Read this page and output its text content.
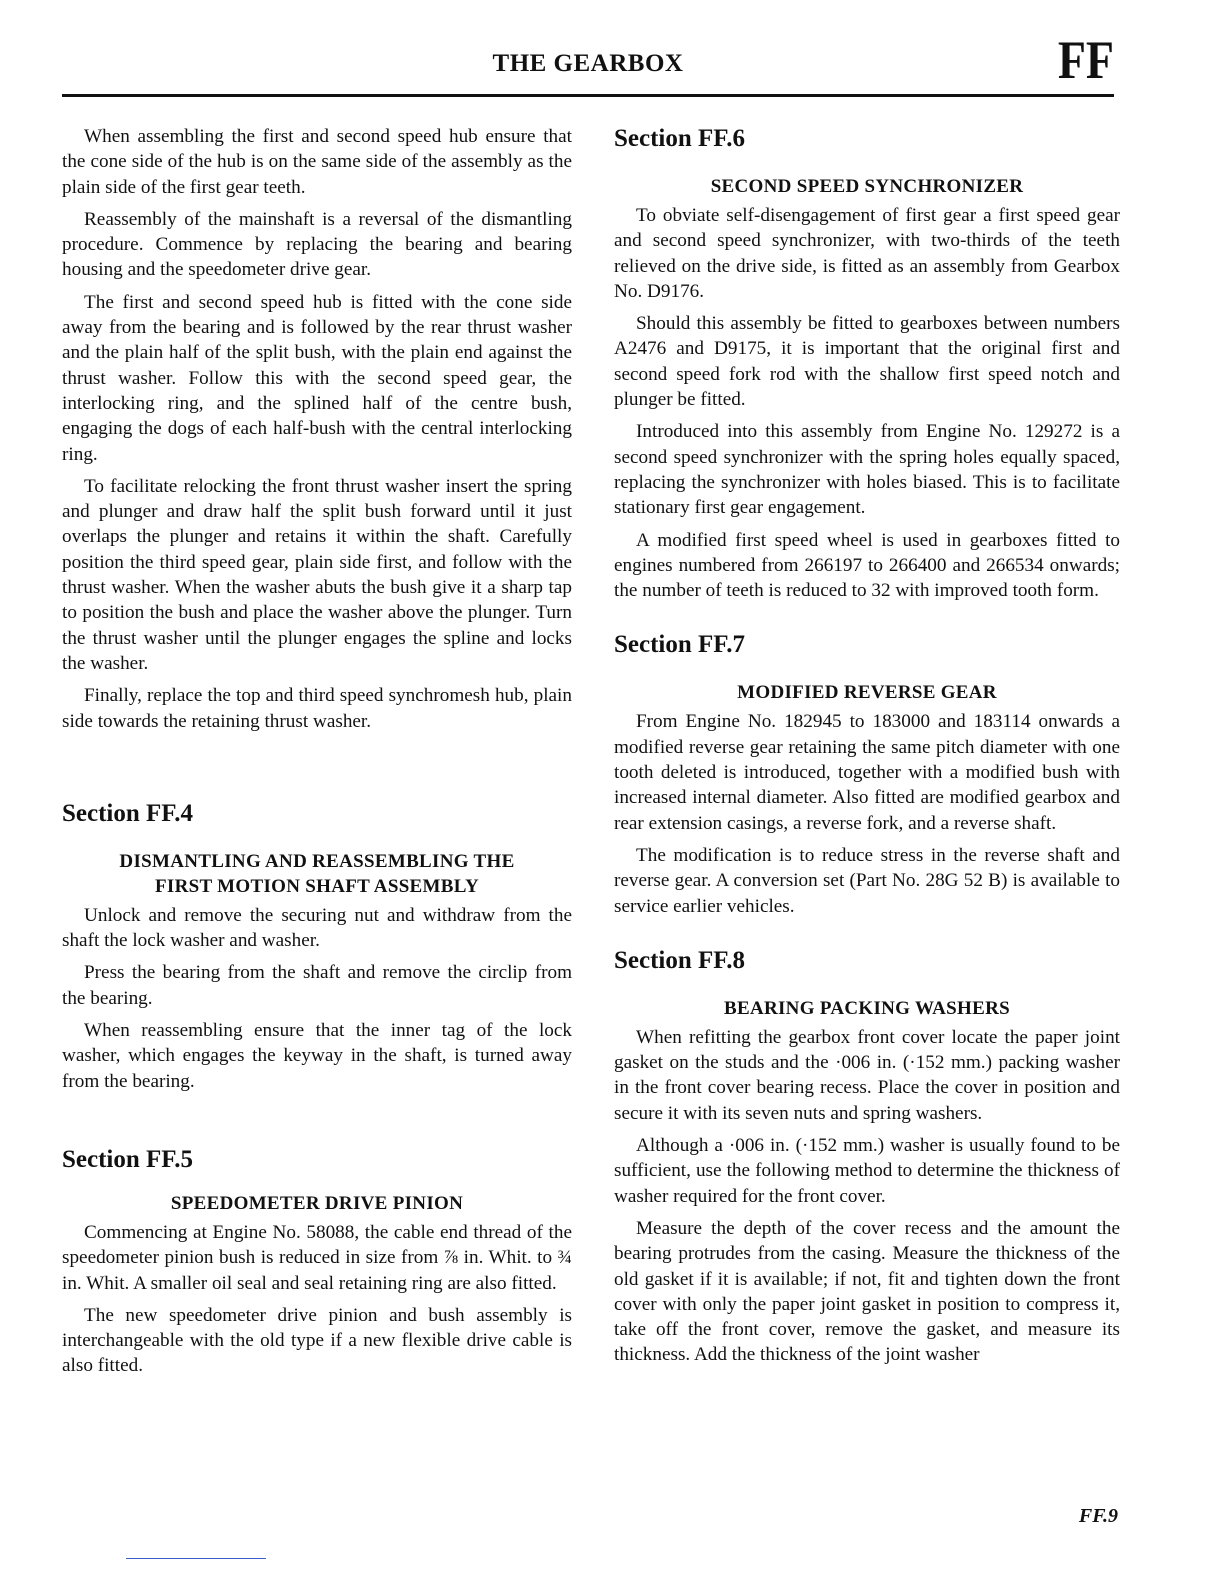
THE GEARBOX	FF

When assembling the first and second speed hub ensure that the cone side of the hub is on the same side of the assembly as the plain side of the first gear teeth.

Reassembly of the mainshaft is a reversal of the dismantling procedure. Commence by replacing the bearing and bearing housing and the speedometer drive gear.

The first and second speed hub is fitted with the cone side away from the bearing and is followed by the rear thrust washer and the plain half of the split bush, with the plain end against the thrust washer. Follow this with the second speed gear, the interlocking ring, and the splined half of the centre bush, engaging the dogs of each half-bush with the central interlocking ring.

To facilitate relocking the front thrust washer insert the spring and plunger and draw half the split bush forward until it just overlaps the plunger and retains it within the shaft. Carefully position the third speed gear, plain side first, and follow with the thrust washer. When the washer abuts the bush give it a sharp tap to position the bush and place the washer above the plunger. Turn the thrust washer until the plunger engages the spline and locks the washer.

Finally, replace the top and third speed synchromesh hub, plain side towards the retaining thrust washer.

Section FF.4
DISMANTLING AND REASSEMBLING THE
FIRST MOTION SHAFT ASSEMBLY

Unlock and remove the securing nut and withdraw from the shaft the lock washer and washer.

Press the bearing from the shaft and remove the circlip from the bearing.

When reassembling ensure that the inner tag of the lock washer, which engages the keyway in the shaft, is turned away from the bearing.

Section FF.5
SPEEDOMETER DRIVE PINION

Commencing at Engine No. 58088, the cable end thread of the speedometer pinion bush is reduced in size from ⅞ in. Whit. to ¾ in. Whit. A smaller oil seal and seal retaining ring are also fitted.

The new speedometer drive pinion and bush assembly is interchangeable with the old type if a new flexible drive cable is also fitted.

Section FF.6
SECOND SPEED SYNCHRONIZER

To obviate self-disengagement of first gear a first speed gear and second speed synchronizer, with two-thirds of the teeth relieved on the drive side, is fitted as an assembly from Gearbox No. D9176.

Should this assembly be fitted to gearboxes between numbers A2476 and D9175, it is important that the original first and second speed fork rod with the shallow first speed notch and plunger be fitted.

Introduced into this assembly from Engine No. 129272 is a second speed synchronizer with the spring holes equally spaced, replacing the synchronizer with holes biased. This is to facilitate stationary first gear engagement.

A modified first speed wheel is used in gearboxes fitted to engines numbered from 266197 to 266400 and 266534 onwards; the number of teeth is reduced to 32 with improved tooth form.

Section FF.7
MODIFIED REVERSE GEAR

From Engine No. 182945 to 183000 and 183114 onwards a modified reverse gear retaining the same pitch diameter with one tooth deleted is introduced, together with a modified bush with increased internal diameter. Also fitted are modified gearbox and rear extension casings, a reverse fork, and a reverse shaft.

The modification is to reduce stress in the reverse shaft and reverse gear. A conversion set (Part No. 28G 52 B) is available to service earlier vehicles.

Section FF.8
BEARING PACKING WASHERS

When refitting the gearbox front cover locate the paper joint gasket on the studs and the ·006 in. (·152 mm.) packing washer in the front cover bearing recess. Place the cover in position and secure it with its seven nuts and spring washers.

Although a ·006 in. (·152 mm.) washer is usually found to be sufficient, use the following method to determine the thickness of washer required for the front cover.

Measure the depth of the cover recess and the amount the bearing protrudes from the casing. Measure the thickness of the old gasket if it is available; if not, fit and tighten down the front cover with only the paper joint gasket in position to compress it, take off the front cover, remove the gasket, and measure its thickness. Add the thickness of the joint washer

FF.9
